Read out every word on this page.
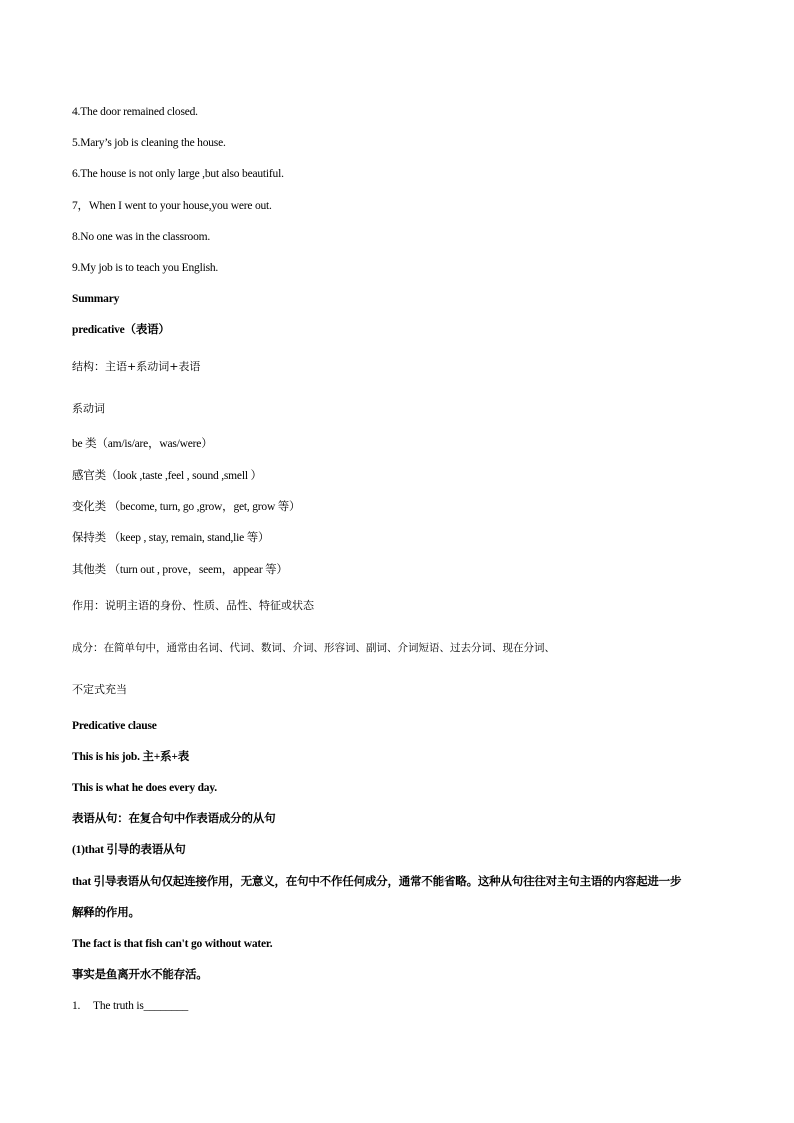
4.The door remained closed.
5.Mary’s job is cleaning the house.
6.The house is not only large ,but also beautiful.
7，When I went to your house,you were out.
8.No one was in the classroom.
9.My job is to teach you English.
Summary
predicative（表语）
结构：主语+系动词+表语
系动词
be 类（am/is/are，was/were）
感官类（look ,taste ,feel , sound ,smell ）
变化类 （become, turn, go ,grow，get, grow 等）
保持类 （keep , stay, remain, stand,lie 等）
其他类 （turn out , prove，seem，appear 等）
作用：说明主语的身份、性质、品性、特征或状态
成分：在简单句中，通常由名词、代词、数词、介词、形容词、副词、介词短语、过去分词、现在分词、
不定式充当
Predicative clause
This is his job. 主+系+表
This is what he does every day.
表语从句：在复合句中作表语成分的从句
(1)that 引导的表语从句
that 引导表语从句仅起连接作用，无意义，在句中不作任何成分，通常不能省略。这种从句往往对主句主语的内容起进一步
解释的作用。
The fact is that fish can't go without water.
事实是鱼离开水不能存活。
1. The truth is________
